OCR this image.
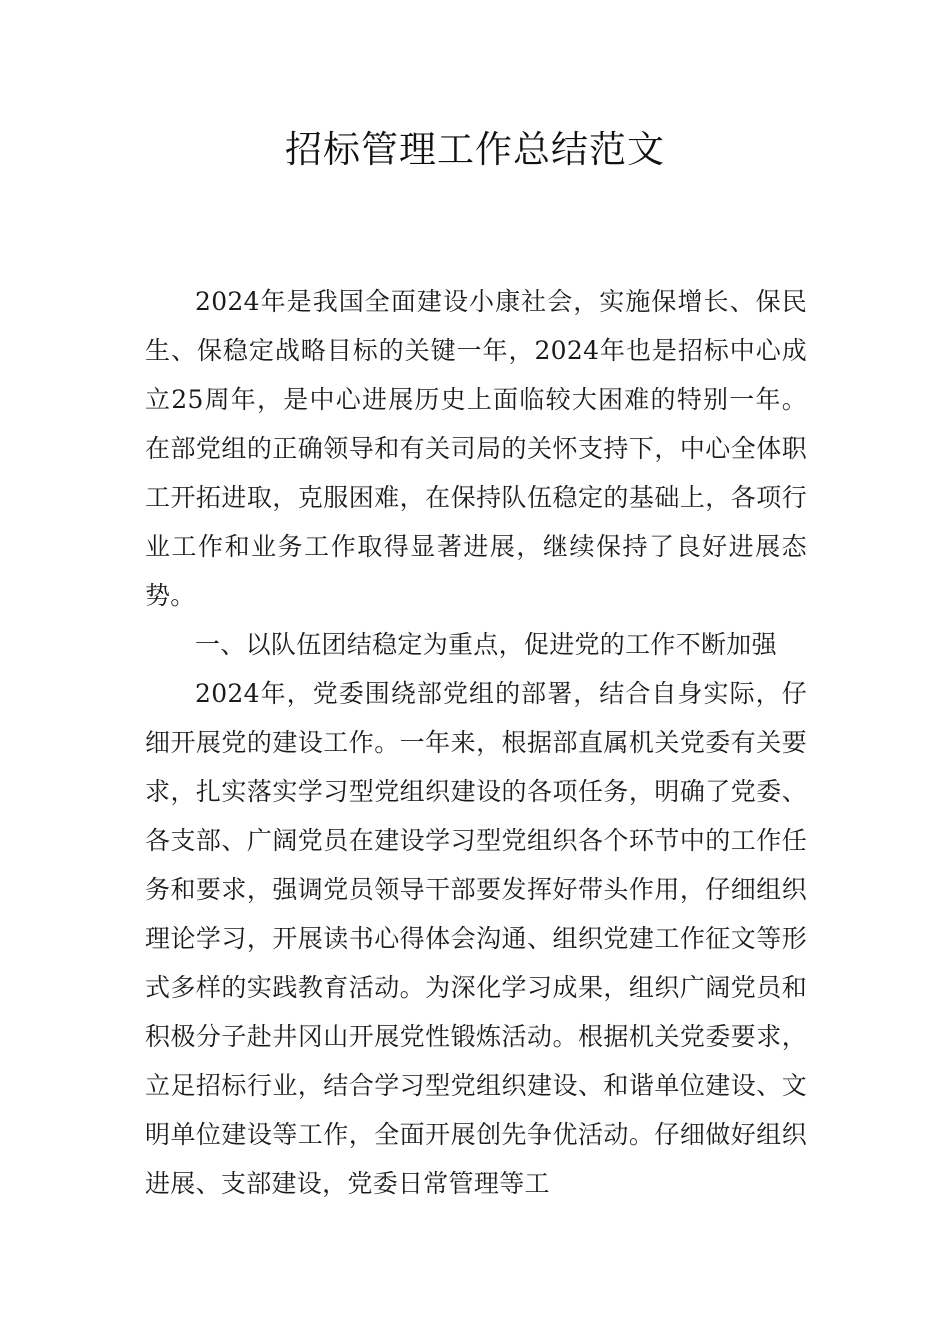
招标管理工作总结范文

2024年是我国全面建设小康社会，实施保增长、保民生、保稳定战略目标的关键一年，2024年也是招标中心成立25周年，是中心进展历史上面临较大困难的特别一年。在部党组的正确领导和有关司局的关怀支持下，中心全体职工开拓进取，克服困难，在保持队伍稳定的基础上，各项行业工作和业务工作取得显著进展，继续保持了良好进展态势。

一、以队伍团结稳定为重点，促进党的工作不断加强

2024年，党委围绕部党组的部署，结合自身实际，仔细开展党的建设工作。一年来，根据部直属机关党委有关要求，扎实落实学习型党组织建设的各项任务，明确了党委、各支部、广阔党员在建设学习型党组织各个环节中的工作任务和要求，强调党员领导干部要发挥好带头作用，仔细组织理论学习，开展读书心得体会沟通、组织党建工作征文等形式多样的实践教育活动。为深化学习成果，组织广阔党员和积极分子赴井冈山开展党性锻炼活动。根据机关党委要求，立足招标行业，结合学习型党组织建设、和谐单位建设、文明单位建设等工作，全面开展创先争优活动。仔细做好组织进展、支部建设，党委日常管理等工
